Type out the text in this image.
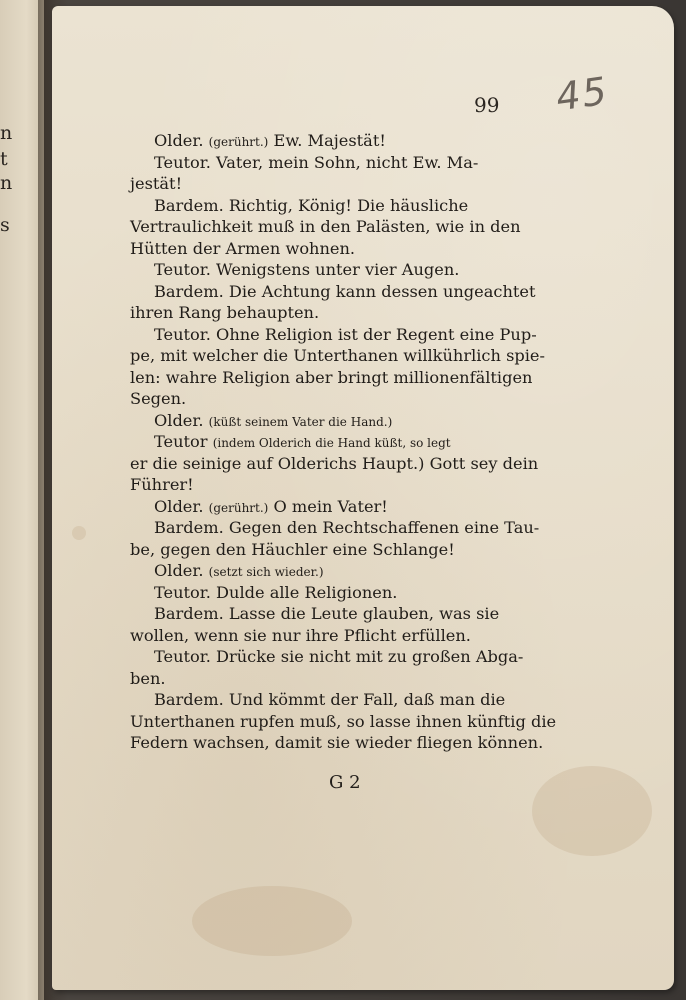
n
t
n
s
99 45
Older. (gerührt.) Ew. Majestät!
Teutor. Vater, mein Sohn, nicht Ew. Ma-
jestät!
Bardem. Richtig, König! Die häusliche
Vertraulichkeit muß in den Palästen, wie in den
Hütten der Armen wohnen.
Teutor. Wenigstens unter vier Augen.
Bardem. Die Achtung kann dessen ungeachtet
ihren Rang behaupten.
Teutor. Ohne Religion ist der Regent eine Pup-
pe, mit welcher die Unterthanen willkührlich spie-
len: wahre Religion aber bringt millionenfältigen
Segen.
Older. (küßt seinem Vater die Hand.)
Teutor (indem Olderich die Hand küßt, so legt
er die seinige auf Olderichs Haupt.) Gott sey dein
Führer!
Older. (gerührt.) O mein Vater!
Bardem. Gegen den Rechtschaffenen eine Tau-
be, gegen den Häuchler eine Schlange!
Older. (setzt sich wieder.)
Teutor. Dulde alle Religionen.
Bardem. Lasse die Leute glauben, was sie
wollen, wenn sie nur ihre Pflicht erfüllen.
Teutor. Drücke sie nicht mit zu großen Abga-
ben.
Bardem. Und kömmt der Fall, daß man die
Unterthanen rupfen muß, so lasse ihnen künftig die
Federn wachsen, damit sie wieder fliegen können.
G 2
